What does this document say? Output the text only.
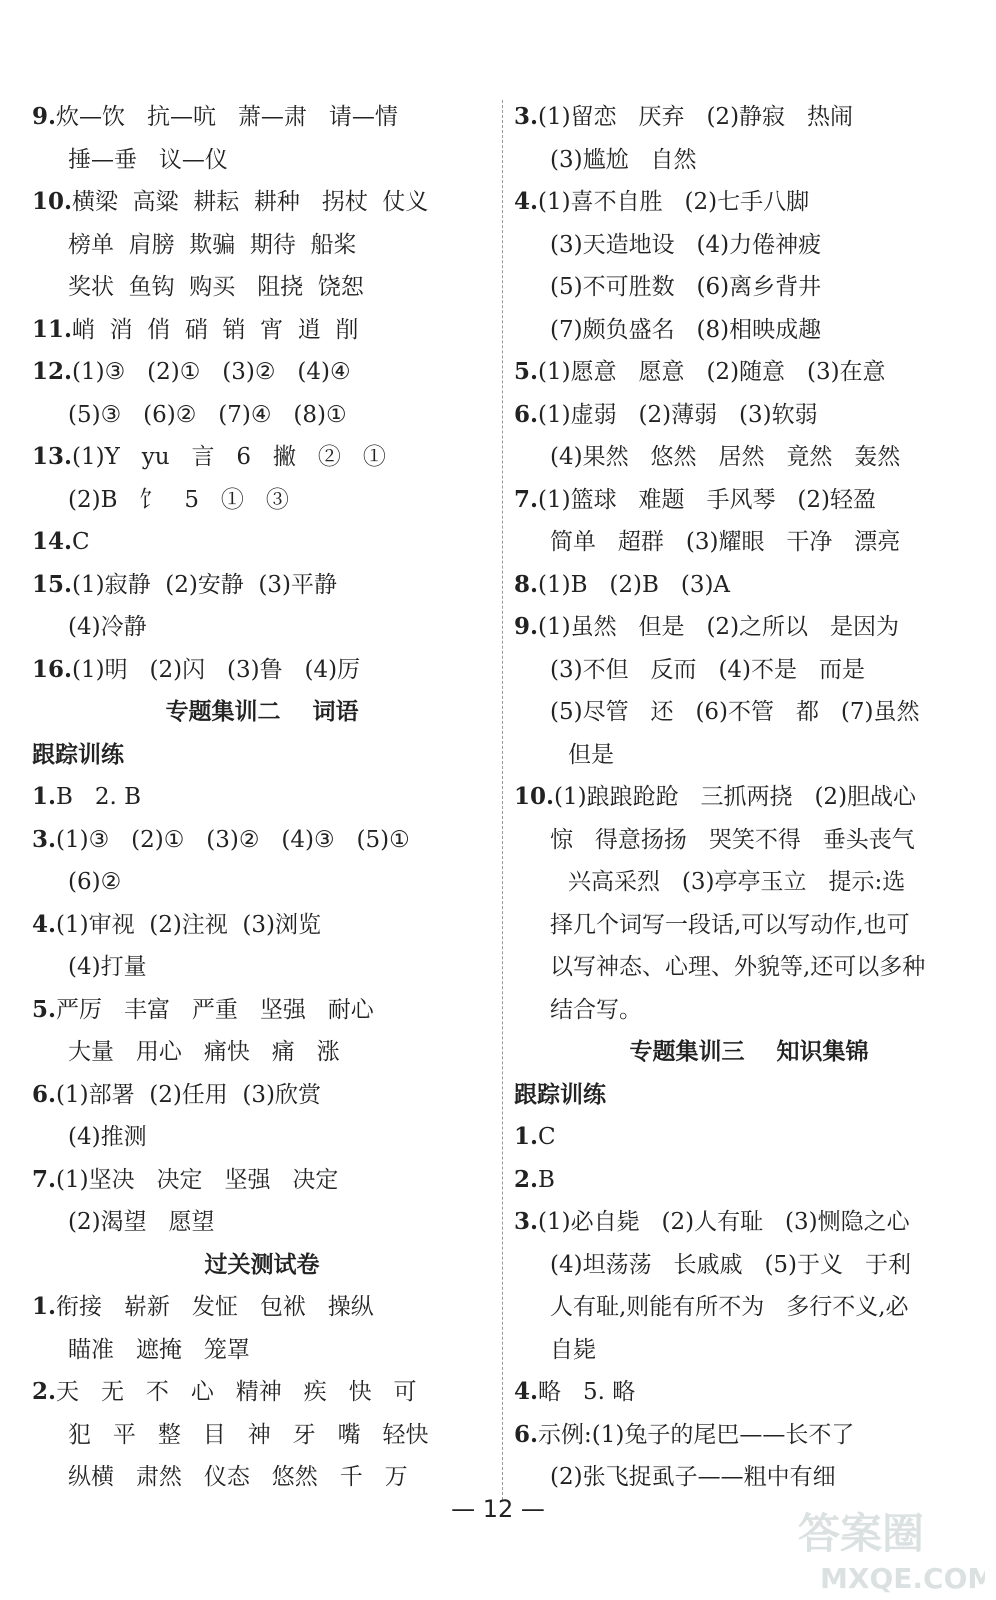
9.炊—饮   抗—吭   萧—肃   请—情
捶—垂   议—仪
10.横梁  高粱  耕耘  耕种   拐杖  仗义
榜单  肩膀  欺骗  期待  船桨
奖状  鱼钩  购买   阻挠  饶恕
11.峭  消  俏  硝  销  宵  逍  削
12.(1)③   (2)①   (3)②   (4)④
(5)③   (6)②   (7)④   (8)①
13.(1)Y   yu   言   6   撇   ②   ①
(2)B   饣   5   ①   ③
14.C
15.(1)寂静  (2)安静  (3)平静
(4)冷静
16.(1)明   (2)闪   (3)鲁   (4)厉
专题集训二    词语
跟踪训练
1.B   2. B
3.(1)③   (2)①   (3)②   (4)③   (5)①
(6)②
4.(1)审视  (2)注视  (3)浏览
(4)打量
5.严厉   丰富   严重   坚强   耐心
大量   用心   痛快   痛   涨
6.(1)部署  (2)任用  (3)欣赏
(4)推测
7.(1)坚决   决定   坚强   决定
(2)渴望   愿望
过关测试卷
1.衔接   崭新   发怔   包袱   操纵
瞄准   遮掩   笼罩
2.天   无   不   心   精神   疾   快   可
犯   平   整   目   神   牙   嘴   轻快
纵横   肃然   仪态   悠然   千   万
3.(1)留恋   厌弃   (2)静寂   热闹
(3)尴尬   自然
4.(1)喜不自胜   (2)七手八脚
(3)天造地设   (4)力倦神疲
(5)不可胜数   (6)离乡背井
(7)颇负盛名   (8)相映成趣
5.(1)愿意   愿意   (2)随意   (3)在意
6.(1)虚弱   (2)薄弱   (3)软弱
(4)果然   悠然   居然   竟然   轰然
7.(1)篮球   难题   手风琴   (2)轻盈
简单   超群   (3)耀眼   干净   漂亮
8.(1)B   (2)B   (3)A
9.(1)虽然   但是   (2)之所以   是因为
(3)不但   反而   (4)不是   而是
(5)尽管   还   (6)不管   都   (7)虽然
但是
10.(1)踉踉跄跄   三抓两挠   (2)胆战心
惊   得意扬扬   哭笑不得   垂头丧气
兴高采烈   (3)亭亭玉立   提示:选
择几个词写一段话,可以写动作,也可
以写神态、心理、外貌等,还可以多种
结合写。
专题集训三    知识集锦
跟踪训练
1.C
2.B
3.(1)必自毙   (2)人有耻   (3)恻隐之心
(4)坦荡荡   长戚戚   (5)于义   于利
人有耻,则能有所不为   多行不义,必
自毙
4.略   5. 略
6.示例:(1)兔子的尾巴——长不了
(2)张飞捉虱子——粗中有细
— 12 —	答案圈
MXQE.COM
